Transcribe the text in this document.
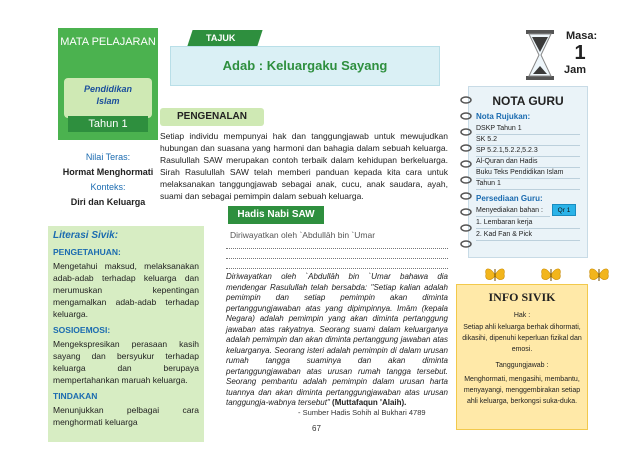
MATA PELAJARAN
Pendidikan
Islam
Tahun 1
Nilai Teras:
Hormat Menghormati
Konteks:
Diri dan Keluarga
Literasi Sivik:
PENGETAHUAN:
Mengetahui maksud, melaksanakan adab-adab terhadap keluarga dan merumuskan kepentingan mengamalkan adab-adab terhadap keluarga.
SOSIOEMOSI:
Mengekspresikan perasaan kasih sayang dan bersyukur terhadap keluarga dan berupaya mempertahankan maruah keluarga.
TINDAKAN
Menunjukkan pelbagai cara menghormati keluarga
TAJUK
Adab : Keluargaku Sayang
PENGENALAN
Setiap individu mempunyai hak dan tanggungjawab untuk mewujudkan hubungan dan suasana yang harmoni dan bahagia dalam sebuah keluarga. Rasulullah SAW merupakan contoh terbaik dalam kehidupan berkeluarga. Sirah Rasulullah SAW telah memberi panduan kepada kita cara untuk melaksanakan tanggungjawab sebagai anak, cucu, anak saudara, ayah, suami dan sebagai pemimpin dalam sebuah keluarga.
Hadis Nabi SAW
Diriwayatkan oleh `Abdullāh bin `Umar
Diriwayatkan oleh `Abdullāh bin `Umar bahawa dia mendengar Rasulullah telah bersabda: "Setiap kalian adalah pemimpin dan setiap pemimpin akan diminta pertanggungjawaban atas yang dipimpinnya. Imām (kepala Negara) adalah pemimpin yang akan diminta pertanggung jawaban atas rakyatnya. Seorang suami dalam keluarganya adalah pemimpin dan akan diminta pertanggung jawaban atas keluarganya. Seorang isteri adalah pemimpin di dalam urusan rumah tangga suaminya dan akan diminta pertanggungjawaban atas urusan rumah tangga tersebut. Seorang pembantu adalah pemimpin dalam urusan harta tuannya dan akan diminta pertanggungjawaban atas urusan tanggungja-wabnya tersebut" (Muttafaqun 'Alaih).
- Sumber Hadis Sohih al Bukhari 4789
67
Masa:
1
Jam
NOTA GURU
Nota Rujukan:
DSKP Tahun 1
SK 5.2
SP 5.2.1,5.2.2,5.2.3
Al-Quran dan Hadis
Buku Teks Pendidikan Islam
Tahun 1
Persediaan Guru:
Menyediakan bahan :
1. Lembaran kerja
2. Kad Fan & Pick
Qr 1
INFO SIVIK
Hak :
Setiap ahli keluarga berhak dihormati, dikasihi, dipenuhi keperluan fizikal dan emosi.
Tanggungjawab :
Menghormati, mengasihi, membantu, menyayangi, menggembirakan setiap ahli keluarga, berkongsi suka-duka.
